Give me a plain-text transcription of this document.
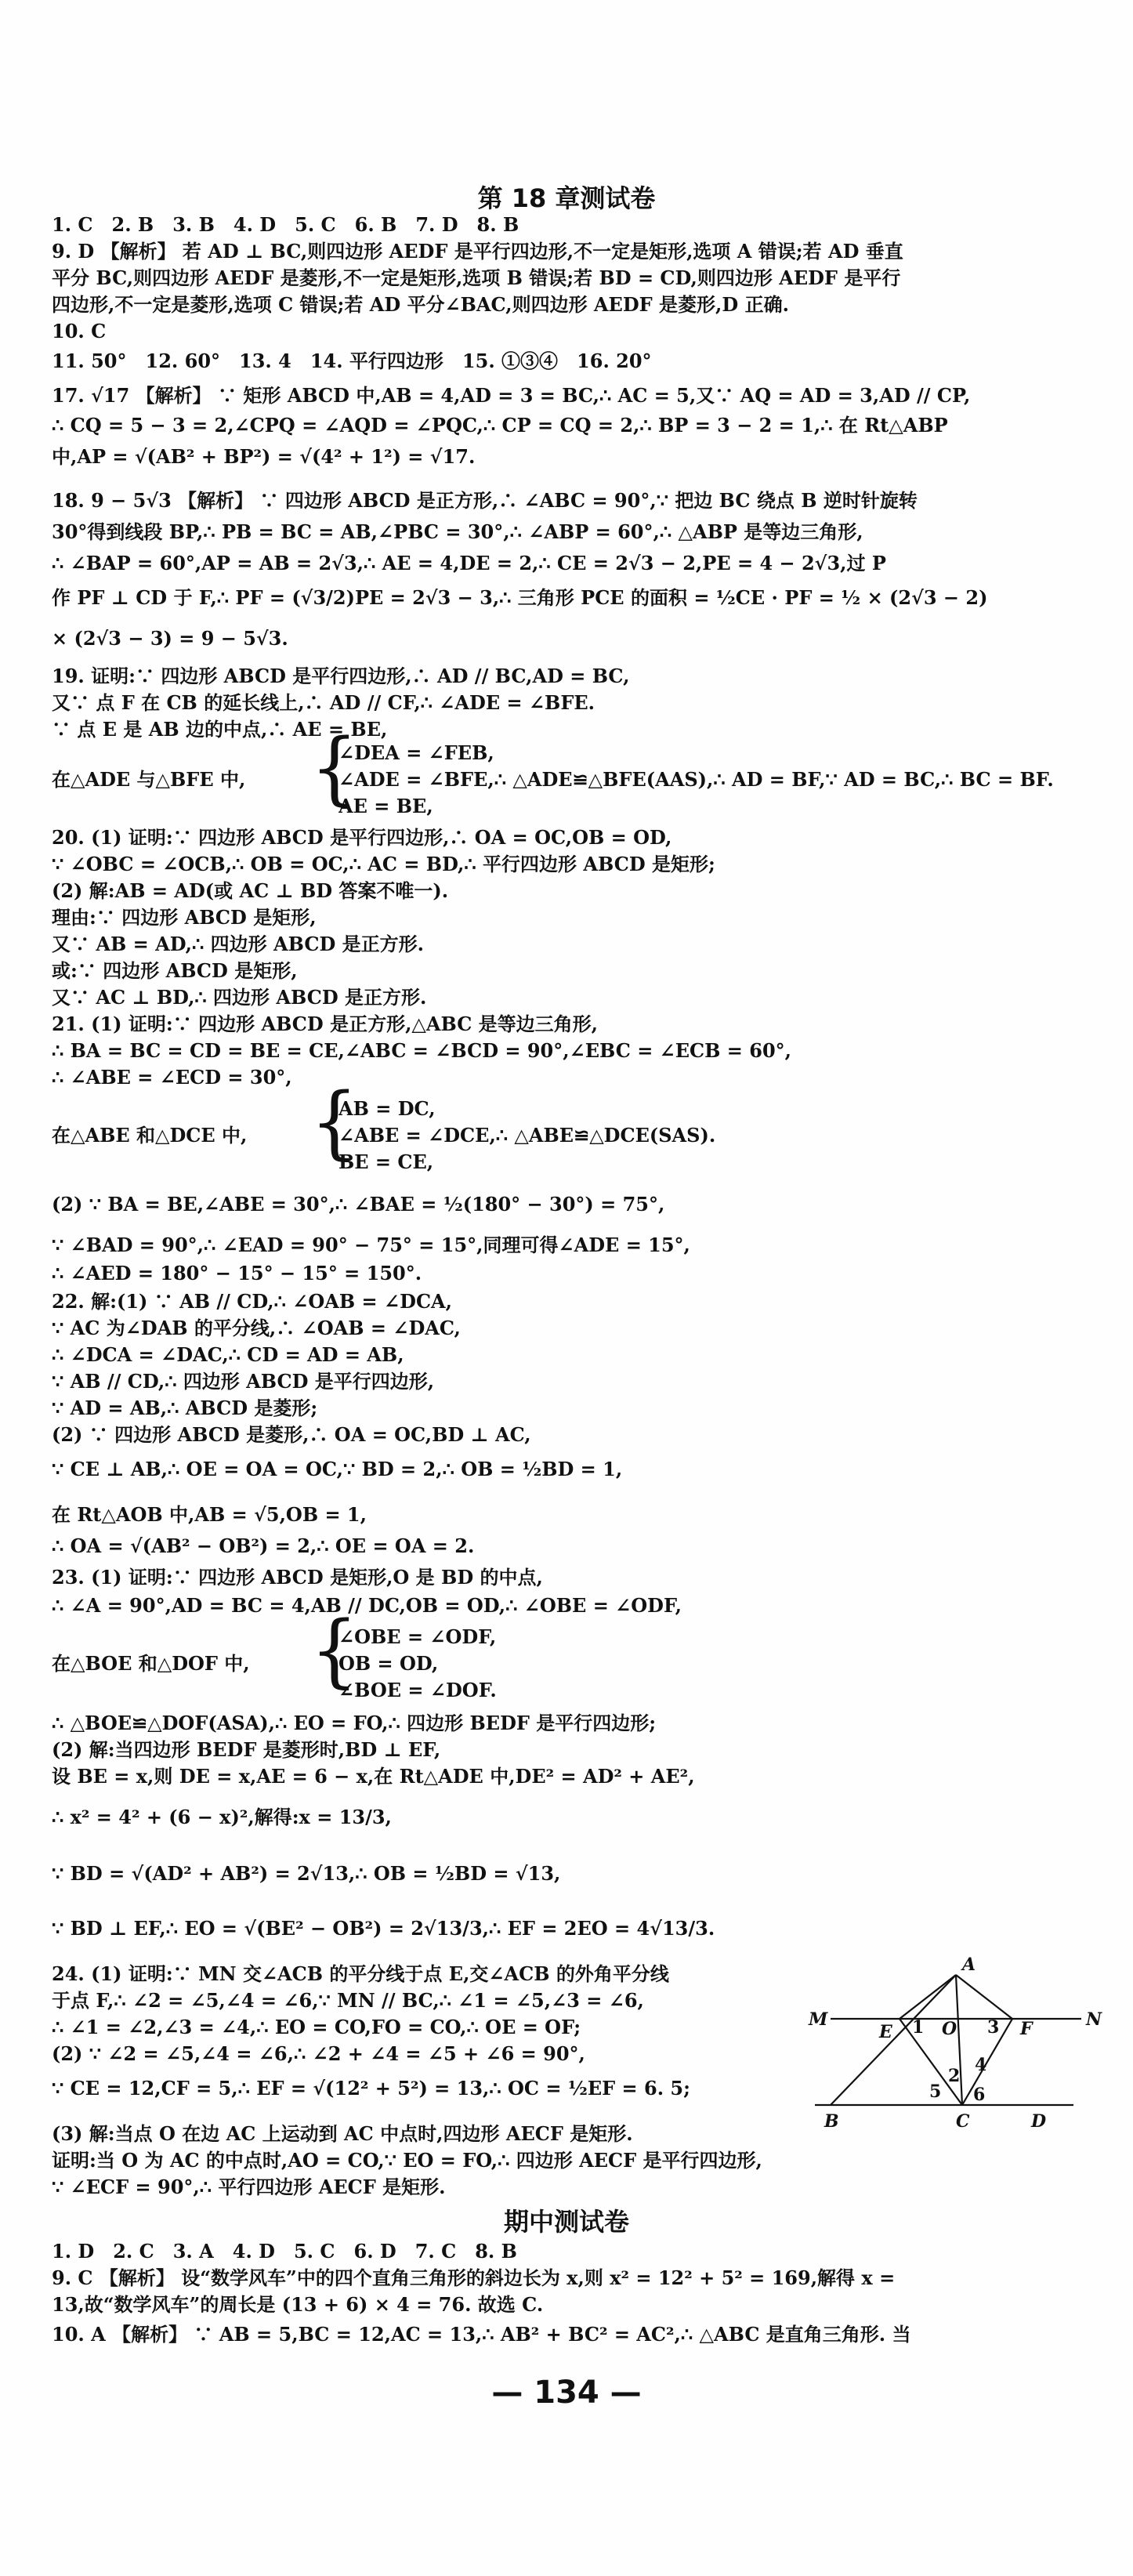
第 18 章测试卷
1. C　2. B　3. B　4. D　5. C　6. B　7. D　8. B
9. D 【解析】 若 AD ⊥ BC,则四边形 AEDF 是平行四边形,不一定是矩形,选项 A 错误;若 AD 垂直
平分 BC,则四边形 AEDF 是菱形,不一定是矩形,选项 B 错误;若 BD = CD,则四边形 AEDF 是平行
四边形,不一定是菱形,选项 C 错误;若 AD 平分∠BAC,则四边形 AEDF 是菱形,D 正确.
10. C
11. 50°　12. 60°　13. 4　14. 平行四边形　15. ①③④　16. 20°
17. √17 【解析】 ∵ 矩形 ABCD 中,AB = 4,AD = 3 = BC,∴ AC = 5,又∵ AQ = AD = 3,AD // CP,
∴ CQ = 5 − 3 = 2,∠CPQ = ∠AQD = ∠PQC,∴ CP = CQ = 2,∴ BP = 3 − 2 = 1,∴ 在 Rt△ABP
中,AP = √(AB² + BP²) = √(4² + 1²) = √17.
18. 9 − 5√3 【解析】 ∵ 四边形 ABCD 是正方形,∴ ∠ABC = 90°,∵ 把边 BC 绕点 B 逆时针旋转
30°得到线段 BP,∴ PB = BC = AB,∠PBC = 30°,∴ ∠ABP = 60°,∴ △ABP 是等边三角形,
∴ ∠BAP = 60°,AP = AB = 2√3,∴ AE = 4,DE = 2,∴ CE = 2√3 − 2,PE = 4 − 2√3,过 P
作 PF ⊥ CD 于 F,∴ PF = (√3/2)PE = 2√3 − 3,∴ 三角形 PCE 的面积 = ½CE · PF = ½ × (2√3 − 2)
× (2√3 − 3) = 9 − 5√3.
19. 证明:∵ 四边形 ABCD 是平行四边形,∴ AD // BC,AD = BC,
又∵ 点 F 在 CB 的延长线上,∴ AD // CF,∴ ∠ADE = ∠BFE.
∵ 点 E 是 AB 边的中点,∴ AE = BE,
在△ADE 与△BFE 中, {
∠DEA = ∠FEB,
∠ADE = ∠BFE,∴ △ADE≌△BFE(AAS),∴ AD = BF,∵ AD = BC,∴ BC = BF.
AE = BE,
20. (1) 证明:∵ 四边形 ABCD 是平行四边形,∴ OA = OC,OB = OD,
∵ ∠OBC = ∠OCB,∴ OB = OC,∴ AC = BD,∴ 平行四边形 ABCD 是矩形;
(2) 解:AB = AD(或 AC ⊥ BD 答案不唯一).
理由:∵ 四边形 ABCD 是矩形,
又∵ AB = AD,∴ 四边形 ABCD 是正方形.
或:∵ 四边形 ABCD 是矩形,
又∵ AC ⊥ BD,∴ 四边形 ABCD 是正方形.
21. (1) 证明:∵ 四边形 ABCD 是正方形,△ABC 是等边三角形,
∴ BA = BC = CD = BE = CE,∠ABC = ∠BCD = 90°,∠EBC = ∠ECB = 60°,
∴ ∠ABE = ∠ECD = 30°,
在△ABE 和△DCE 中, {
AB = DC,
∠ABE = ∠DCE,∴ △ABE≌△DCE(SAS).
BE = CE,
(2) ∵ BA = BE,∠ABE = 30°,∴ ∠BAE = ½(180° − 30°) = 75°,
∵ ∠BAD = 90°,∴ ∠EAD = 90° − 75° = 15°,同理可得∠ADE = 15°,
∴ ∠AED = 180° − 15° − 15° = 150°.
22. 解:(1) ∵ AB // CD,∴ ∠OAB = ∠DCA,
∵ AC 为∠DAB 的平分线,∴ ∠OAB = ∠DAC,
∴ ∠DCA = ∠DAC,∴ CD = AD = AB,
∵ AB // CD,∴ 四边形 ABCD 是平行四边形,
∵ AD = AB,∴ ABCD 是菱形;
(2) ∵ 四边形 ABCD 是菱形,∴ OA = OC,BD ⊥ AC,
∵ CE ⊥ AB,∴ OE = OA = OC,∵ BD = 2,∴ OB = ½BD = 1,
在 Rt△AOB 中,AB = √5,OB = 1,
∴ OA = √(AB² − OB²) = 2,∴ OE = OA = 2.
23. (1) 证明:∵ 四边形 ABCD 是矩形,O 是 BD 的中点,
∴ ∠A = 90°,AD = BC = 4,AB // DC,OB = OD,∴ ∠OBE = ∠ODF,
在△BOE 和△DOF 中, {
∠OBE = ∠ODF,
OB = OD,
∠BOE = ∠DOF.
∴ △BOE≌△DOF(ASA),∴ EO = FO,∴ 四边形 BEDF 是平行四边形;
(2) 解:当四边形 BEDF 是菱形时,BD ⊥ EF,
设 BE = x,则 DE = x,AE = 6 − x,在 Rt△ADE 中,DE² = AD² + AE²,
∴ x² = 4² + (6 − x)²,解得:x = 13/3,
∵ BD = √(AD² + AB²) = 2√13,∴ OB = ½BD = √13,
∵ BD ⊥ EF,∴ EO = √(BE² − OB²) = 2√13/3,∴ EF = 2EO = 4√13/3.
24. (1) 证明:∵ MN 交∠ACB 的平分线于点 E,交∠ACB 的外角平分线
于点 F,∴ ∠2 = ∠5,∠4 = ∠6,∵ MN // BC,∴ ∠1 = ∠5,∠3 = ∠6,
∴ ∠1 = ∠2,∠3 = ∠4,∴ EO = CO,FO = CO,∴ OE = OF;
(2) ∵ ∠2 = ∠5,∠4 = ∠6,∴ ∠2 + ∠4 = ∠5 + ∠6 = 90°,
∵ CE = 12,CF = 5,∴ EF = √(12² + 5²) = 13,∴ OC = ½EF = 6. 5;
(3) 解:当点 O 在边 AC 上运动到 AC 中点时,四边形 AECF 是矩形.
证明:当 O 为 AC 的中点时,AO = CO,∵ EO = FO,∴ 四边形 AECF 是平行四边形,
∵ ∠ECF = 90°,∴ 平行四边形 AECF 是矩形.
M
E 1 O 3 F	N
A
2
4
5 6
B	C	D
期中测试卷
1. D　2. C　3. A　4. D　5. C　6. D　7. C　8. B
9. C 【解析】 设“数学风车”中的四个直角三角形的斜边长为 x,则 x² = 12² + 5² = 169,解得 x =
13,故“数学风车”的周长是 (13 + 6) × 4 = 76. 故选 C.
10. A 【解析】 ∵ AB = 5,BC = 12,AC = 13,∴ AB² + BC² = AC²,∴ △ABC 是直角三角形. 当
— 134 —
